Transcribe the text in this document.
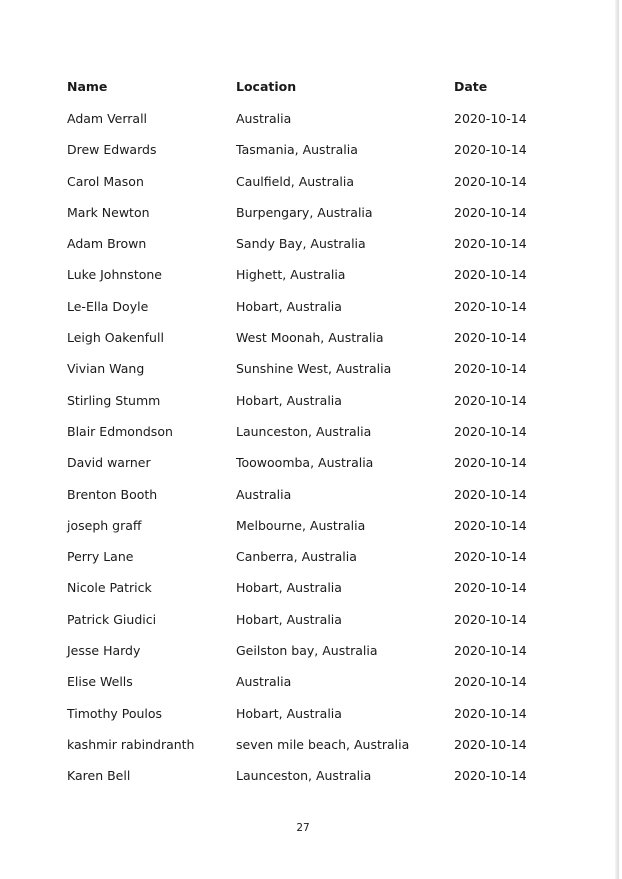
Name	Location	Date
Adam Verrall	Australia	2020-10-14
Drew Edwards	Tasmania, Australia	2020-10-14
Carol Mason	Caulfield, Australia	2020-10-14
Mark Newton	Burpengary, Australia	2020-10-14
Adam Brown	Sandy Bay, Australia	2020-10-14
Luke Johnstone	Highett, Australia	2020-10-14
Le-Ella Doyle	Hobart, Australia	2020-10-14
Leigh Oakenfull	West Moonah, Australia	2020-10-14
Vivian Wang	Sunshine West, Australia	2020-10-14
Stirling Stumm	Hobart, Australia	2020-10-14
Blair Edmondson	Launceston, Australia	2020-10-14
David warner	Toowoomba, Australia	2020-10-14
Brenton Booth	Australia	2020-10-14
joseph graff	Melbourne, Australia	2020-10-14
Perry Lane	Canberra, Australia	2020-10-14
Nicole Patrick	Hobart, Australia	2020-10-14
Patrick Giudici	Hobart, Australia	2020-10-14
Jesse Hardy	Geilston bay, Australia	2020-10-14
Elise Wells	Australia	2020-10-14
Timothy Poulos	Hobart, Australia	2020-10-14
kashmir rabindranth	seven mile beach, Australia	2020-10-14
Karen Bell	Launceston, Australia	2020-10-14
27
